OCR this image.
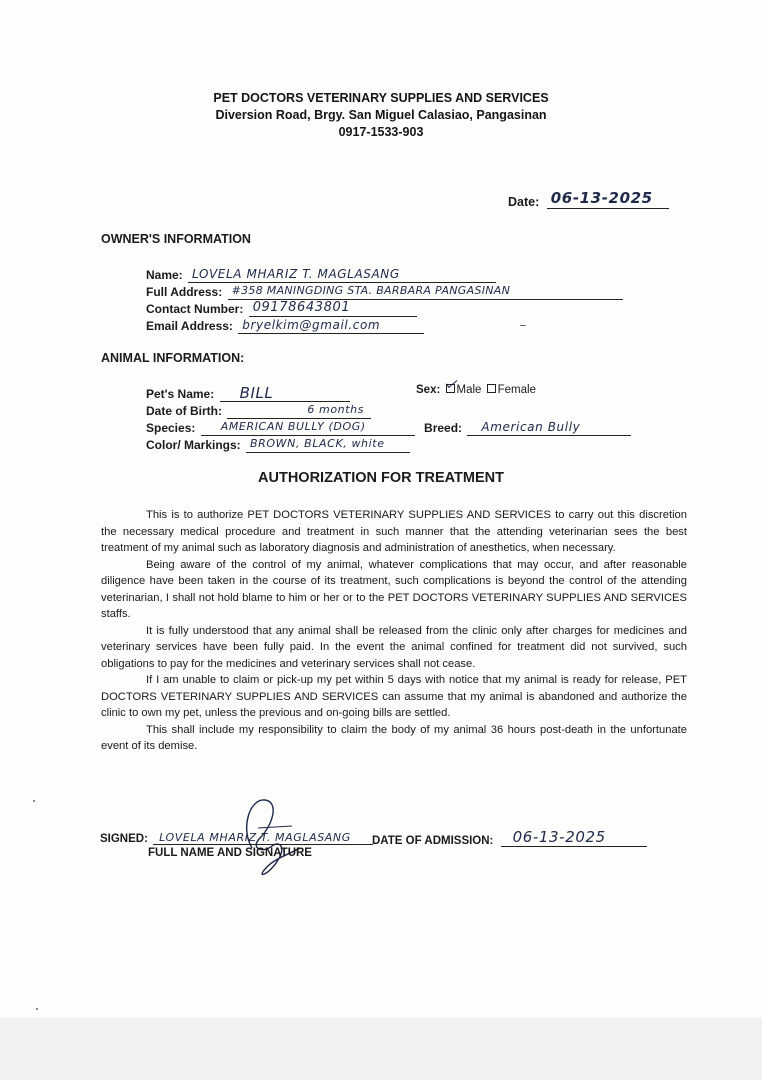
PET DOCTORS VETERINARY SUPPLIES AND SERVICES
Diversion Road, Brgy. San Miguel Calasiao, Pangasinan
0917-1533-903
Date: 06-13-2025
OWNER'S INFORMATION
Name: LOVELA MHARIZ T. MAGLASANG
Full Address: #358 MANINGDING STA. BARBARA PANGASINAN
Contact Number: 09178643801
Email Address: bryelkim@gmail.com
ANIMAL INFORMATION:
Pet's Name: BILL	Sex: Male Female
Date of Birth:	6 months
Species: AMERICAN BULLY (DOG)	Breed: American Bully
Color/ Markings: BROWN, BLACK, white
AUTHORIZATION FOR TREATMENT

This is to authorize PET DOCTORS VETERINARY SUPPLIES AND SERVICES to carry out this discretion the necessary medical procedure and treatment in such manner that the attending veterinarian sees the best treatment of my animal such as laboratory diagnosis and administration of anesthetics, when necessary.

Being aware of the control of my animal, whatever complications that may occur, and after reasonable diligence have been taken in the course of its treatment, such complications is beyond the control of the attending veterinarian, I shall not hold blame to him or her or to the PET DOCTORS VETERINARY SUPPLIES AND SERVICES staffs.

It is fully understood that any animal shall be released from the clinic only after charges for medicines and veterinary services have been fully paid. In the event the animal confined for treatment did not survived, such obligations to pay for the medicines and veterinary services shall not cease.

If I am unable to claim or pick-up my pet within 5 days with notice that my animal is ready for release, PET DOCTORS VETERINARY SUPPLIES AND SERVICES can assume that my animal is abandoned and authorize the clinic to own my pet, unless the previous and on-going bills are settled.

This shall include my responsibility to claim the body of my animal 36 hours post-death in the unfortunate event of its demise.

SIGNED: LOVELA MHARIZ T. MAGLASANG DATE OF ADMISSION: 06-13-2025
FULL NAME AND SIGNATURE
